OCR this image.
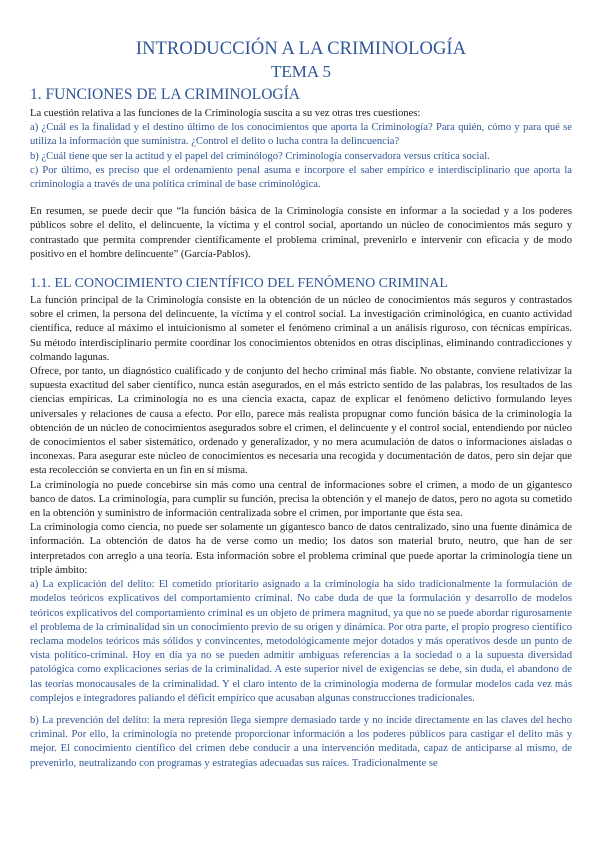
INTRODUCCIÓN A LA CRIMINOLOGÍA
TEMA 5
1. FUNCIONES DE LA CRIMINOLOGÍA

La cuestión relativa a las funciones de la Criminología suscita a su vez otras tres cuestiones:

a) ¿Cuál es la finalidad y el destino último de los conocimientos que aporta la Criminología? Para quién, cómo y para qué se utiliza la información que suministra. ¿Control el delito o lucha contra la delincuencia?

b) ¿Cuál tiene que ser la actitud y el papel del criminólogo? Criminología conservadora versus crítica social.

c) Por último, es preciso que el ordenamiento penal asuma e incorpore el saber empírico e interdisciplinario que aporta la criminología a través de una política criminal de base criminológica.

En resumen, se puede decir que “la función básica de la Criminología consiste en informar a la sociedad y a los poderes públicos sobre el delito, el delincuente, la víctima y el control social, aportando un núcleo de conocimientos más seguro y contrastado que permita comprender científicamente el problema criminal, prevenirlo e intervenir con eficacia y de modo positivo en el hombre delincuente” (García-Pablos).

1.1. EL CONOCIMIENTO CIENTÍFICO DEL FENÓMENO CRIMINAL

La función principal de la Criminología consiste en la obtención de un núcleo de conocimientos más seguros y contrastados sobre el crimen, la persona del delincuente, la víctima y el control social. La investigación criminológica, en cuanto actividad científica, reduce al máximo el intuicionismo al someter el fenómeno criminal a un análisis riguroso, con técnicas empíricas. Su método interdisciplinario permite coordinar los conocimientos obtenidos en otras disciplinas, eliminando contradicciones y colmando lagunas.

Ofrece, por tanto, un diagnóstico cualificado y de conjunto del hecho criminal más fiable. No obstante, conviene relativizar la supuesta exactitud del saber científico, nunca están asegurados, en el más estricto sentido de las palabras, los resultados de las ciencias empíricas. La criminología no es una ciencia exacta, capaz de explicar el fenómeno delictivo formulando leyes universales y relaciones de causa a efecto. Por ello, parece más realista propugnar como función básica de la criminología la obtención de un núcleo de conocimientos asegurados sobre el crimen, el delincuente y el control social, entendiendo por núcleo de conocimientos el saber sistemático, ordenado y generalizador, y no mera acumulación de datos o informaciones aisladas o inconexas. Para asegurar este núcleo de conocimientos es necesaria una recogida y documentación de datos, pero sin dejar que esta recolección se convierta en un fin en sí misma.

La criminología no puede concebirse sin más como una central de informaciones sobre el crimen, a modo de un gigantesco banco de datos. La criminología, para cumplir su función, precisa la obtención y el manejo de datos, pero no agota su cometido en la obtención y suministro de información centralizada sobre el crimen, por importante que ésta sea.

La criminología como ciencia, no puede ser solamente un gigantesco banco de datos centralizado, sino una fuente dinámica de información. La obtención de datos ha de verse como un medio; los datos son material bruto, neutro, que han de ser interpretados con arreglo a una teoría. Esta información sobre el problema criminal que puede aportar la criminología tiene un triple ámbito:

a) La explicación del delito: El cometido prioritario asignado a la criminología ha sido tradicionalmente la formulación de modelos teóricos explicativos del comportamiento criminal. No cabe duda de que la formulación y desarrollo de modelos teóricos explicativos del comportamiento criminal es un objeto de primera magnitud, ya que no se puede abordar rigurosamente el problema de la criminalidad sin un conocimiento previo de su origen y dinámica. Por otra parte, el propio progreso científico reclama modelos teóricos más sólidos y convincentes, metodológicamente mejor dotados y más operativos desde un punto de vista político-criminal. Hoy en día ya no se pueden admitir ambiguas referencias a la sociedad o a la supuesta diversidad patológica como explicaciones serias de la criminalidad. A este superior nivel de exigencias se debe, sin duda, el abandono de las teorías monocausales de la criminalidad. Y el claro intento de la criminología moderna de formular modelos cada vez más complejos e integradores paliando el déficit empírico que acusaban algunas construcciones tradicionales.

b) La prevención del delito: la mera represión llega siempre demasiado tarde y no incide directamente en las claves del hecho criminal. Por ello, la criminología no pretende proporcionar información a los poderes públicos para castigar el delito más y mejor. El conocimiento científico del crimen debe conducir a una intervención meditada, capaz de anticiparse al mismo, de prevenirlo, neutralizando con programas y estrategias adecuadas sus raíces. Tradicionalmente se
